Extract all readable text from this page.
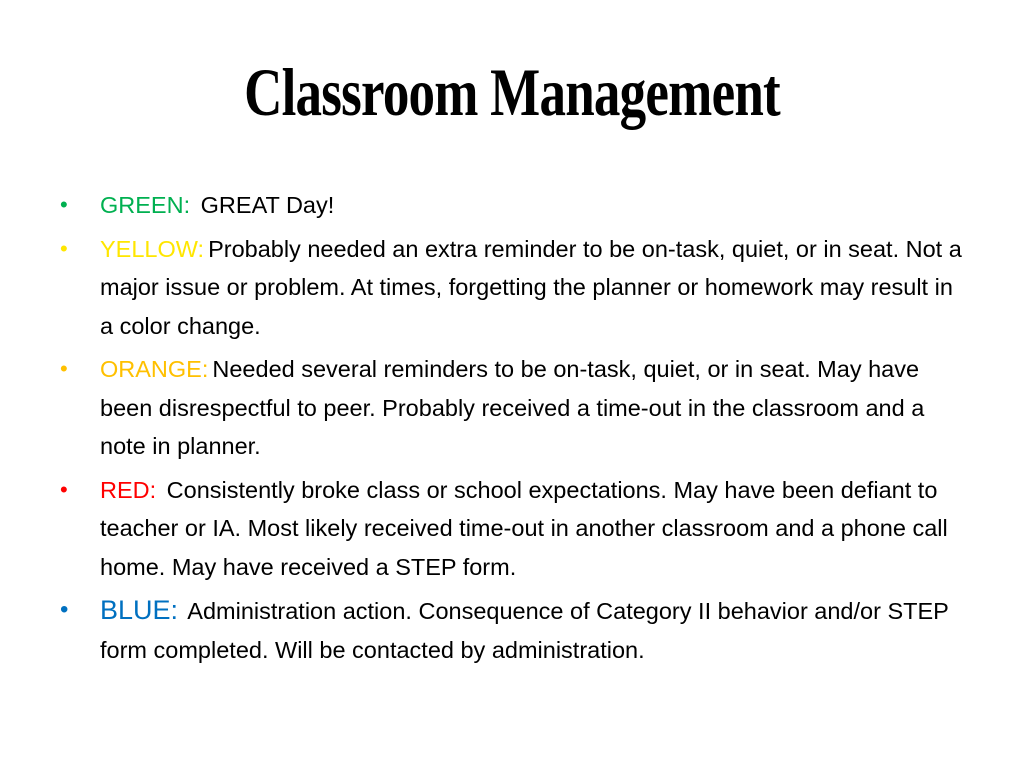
Classroom Management
•	GREEN: GREAT Day!
•	YELLOW: Probably needed an extra reminder to be on-task, quiet, or in seat. Not a major issue or problem. At times, forgetting the planner or homework may result in a color change.
•	ORANGE: Needed several reminders to be on-task, quiet, or in seat. May have been disrespectful to peer. Probably received a time-out in the classroom and a note in planner.
•	RED: Consistently broke class or school expectations. May have been defiant to teacher or IA. Most likely received time-out in another classroom and a phone call home. May have received a STEP form.
•	BLUE: Administration action. Consequence of Category II behavior and/or STEP form completed. Will be contacted by administration.
